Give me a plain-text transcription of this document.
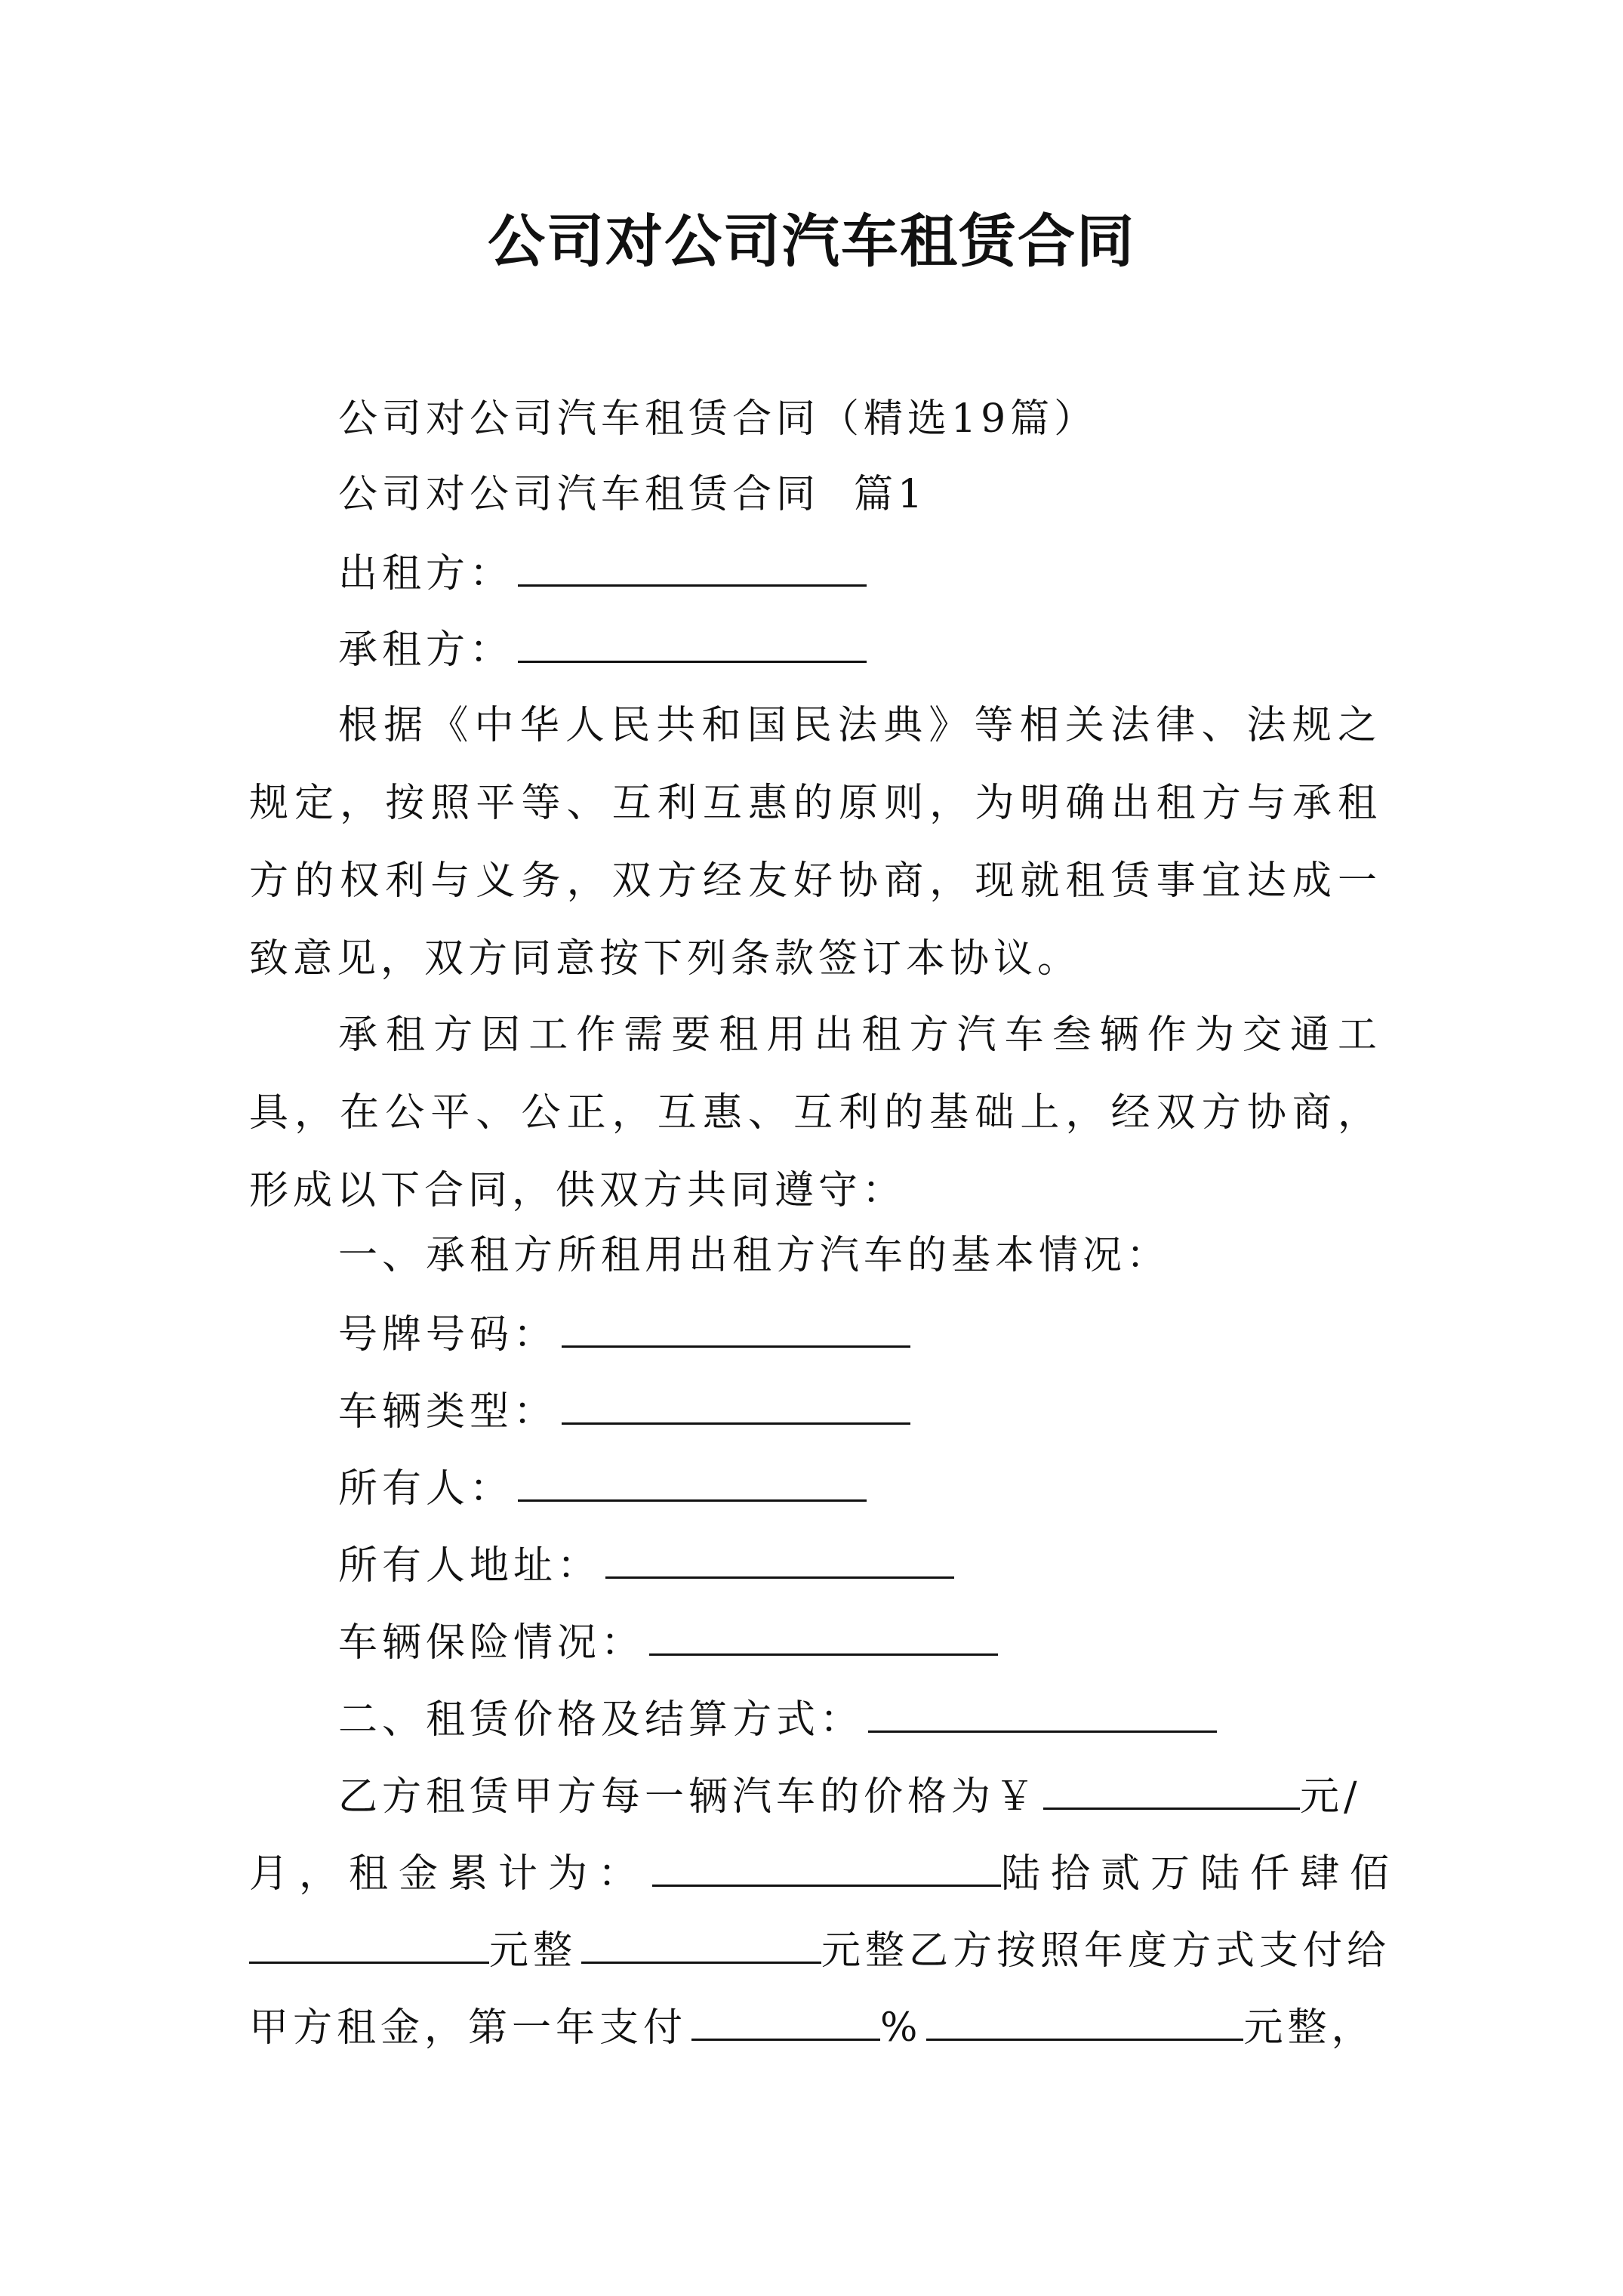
公司对公司汽车租赁合同
公司对公司汽车租赁合同（精选19篇）
公司对公司汽车租赁合同  篇1
出租方：
承租方：
根据《中华人民共和国民法典》等相关法律、法规之规定，按照平等、互利互惠的原则，为明确出租方与承租方的权利与义务，双方经友好协商，现就租赁事宜达成一致意见，双方同意按下列条款签订本协议。
承租方因工作需要租用出租方汽车叁辆作为交通工具，在公平、公正，互惠、互利的基础上，经双方协商，形成以下合同，供双方共同遵守：
一、承租方所租用出租方汽车的基本情况：
号牌号码：
车辆类型：
所有人：
所有人地址：
车辆保险情况：
二、租赁价格及结算方式：
乙方租赁甲方每一辆汽车的价格为￥	元/
月，租金累计为：	陆拾贰万陆仟肆佰
元整	元整乙方按照年度方式支付给
甲方租金，第一年支付	%	元整，
